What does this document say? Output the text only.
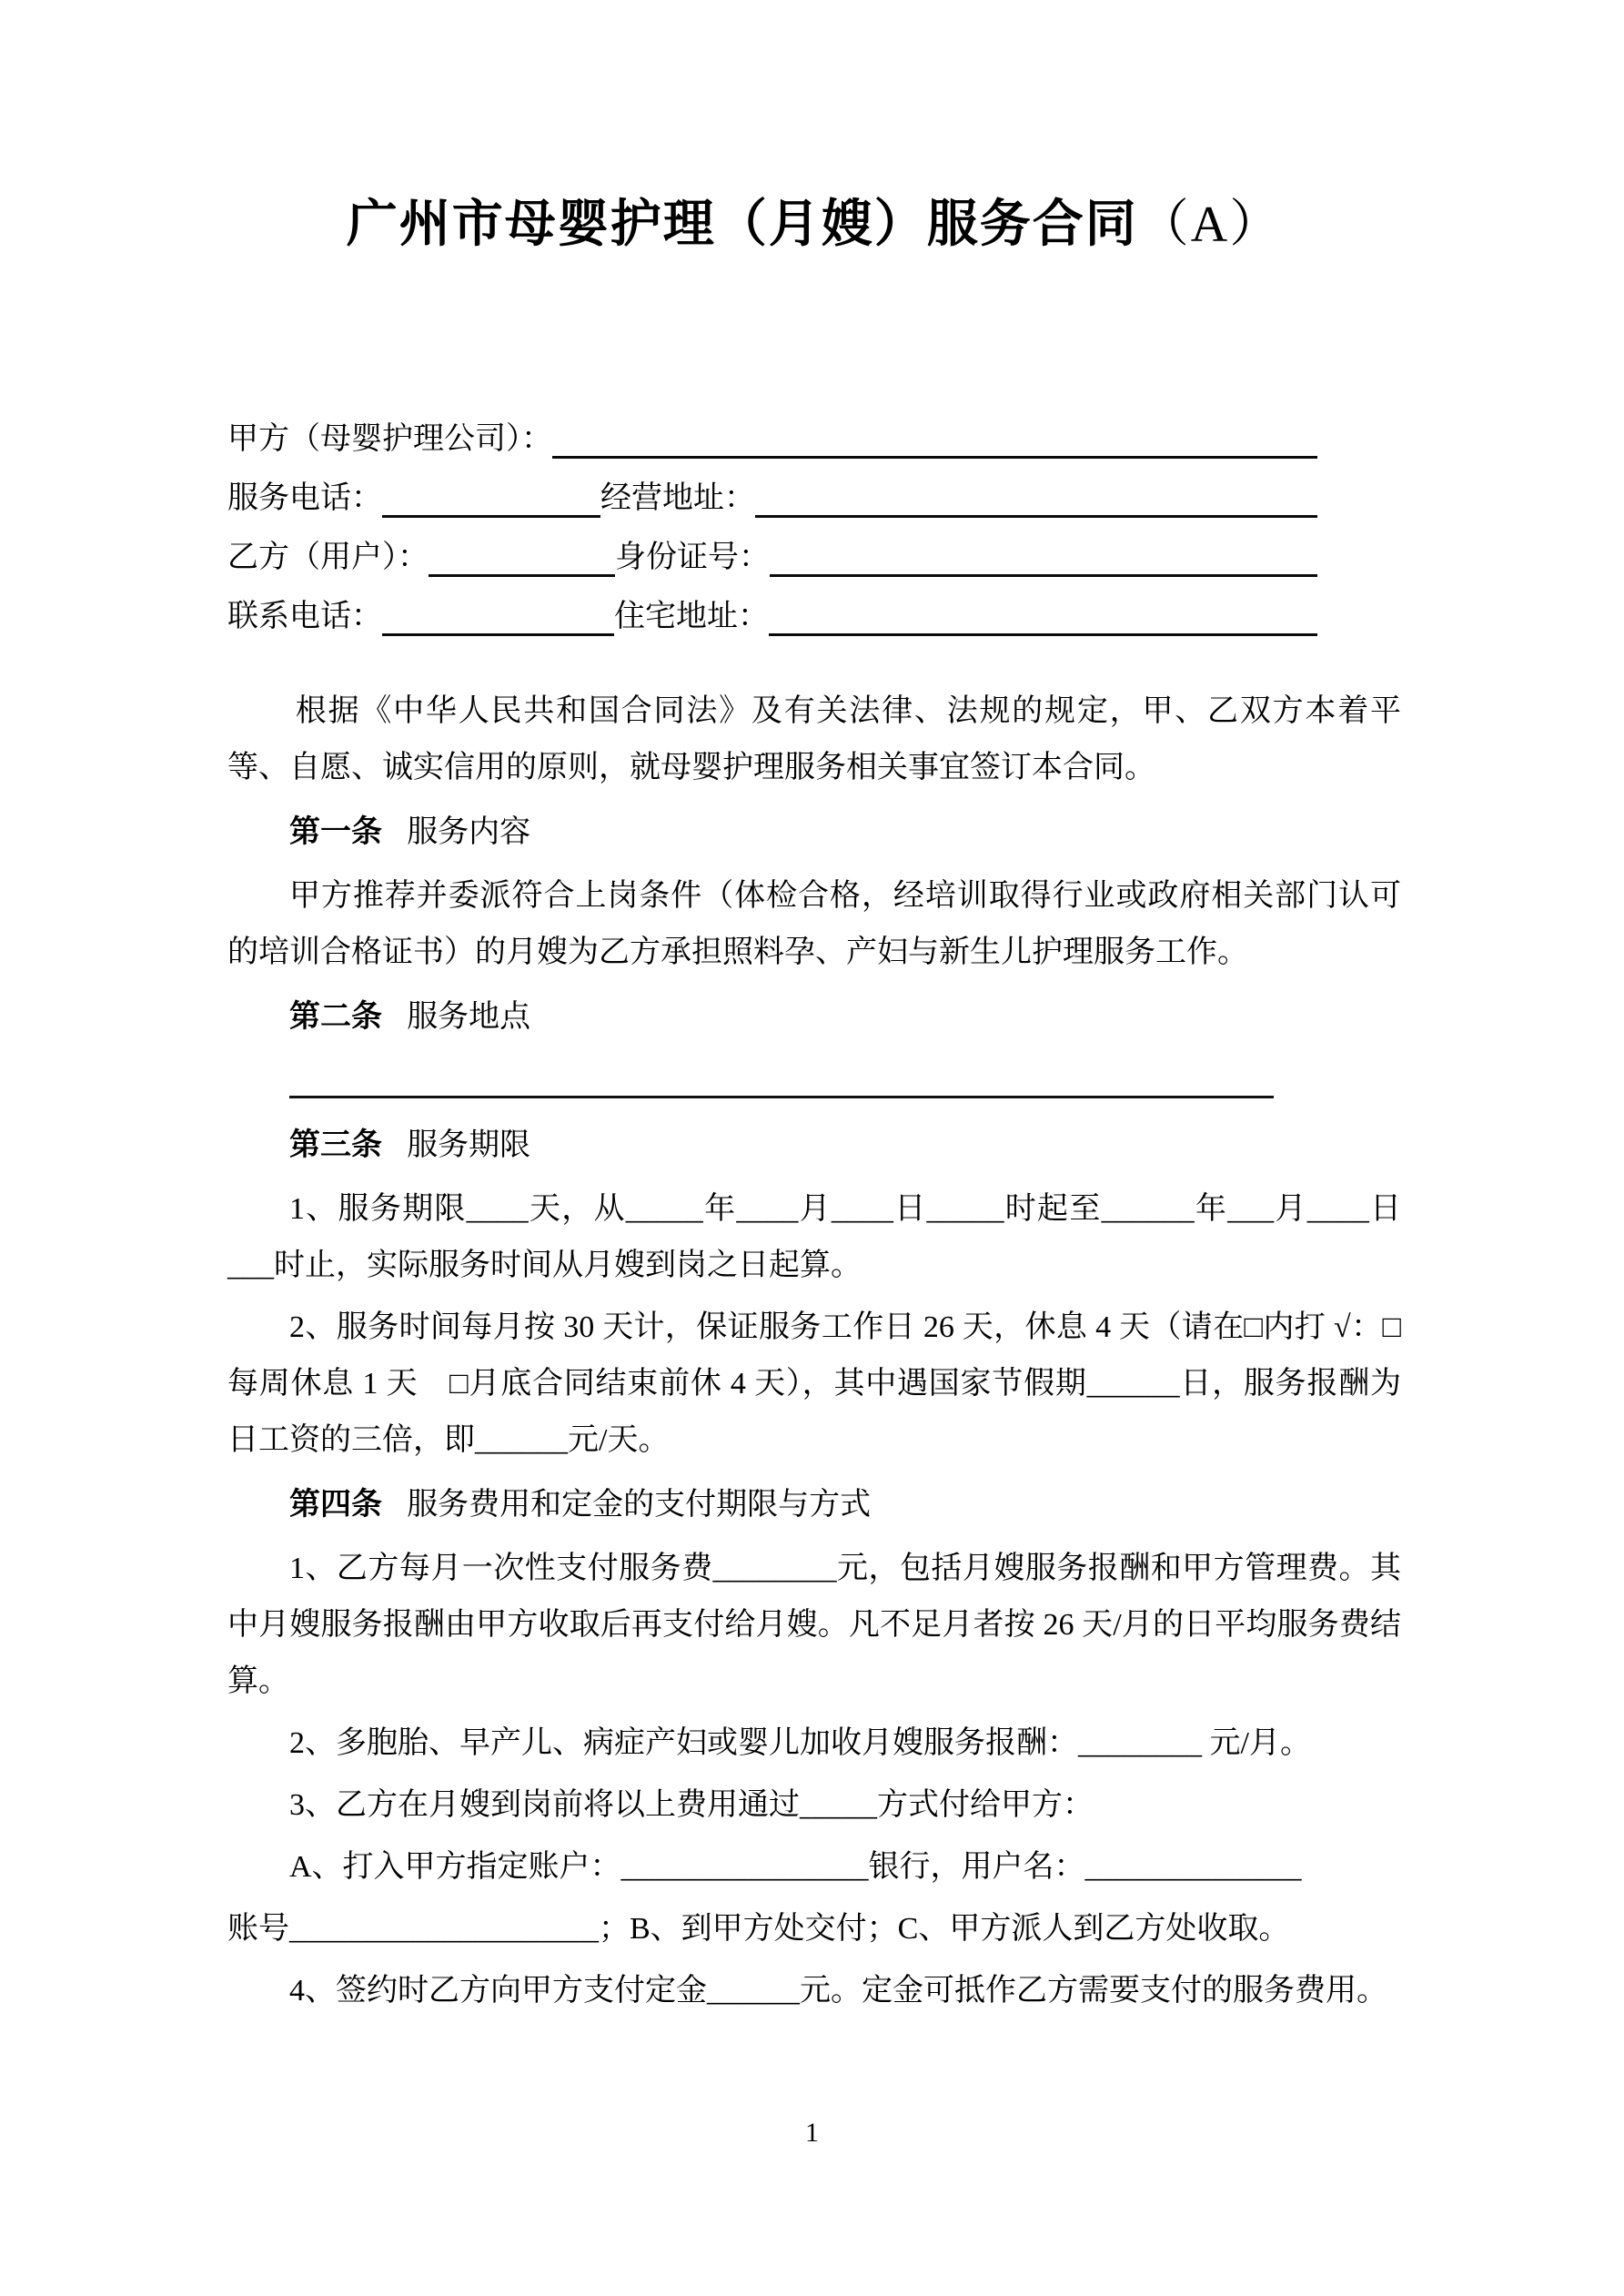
广州市母婴护理（月嫂）服务合同（A）
甲方（母婴护理公司）：
服务电话：	经营地址：
乙方（用户）：	身份证号：
联系电话：	住宅地址：

根据《中华人民共和国合同法》及有关法律、法规的规定，甲、乙双方本着平等、自愿、诚实信用的原则，就母婴护理服务相关事宜签订本合同。

第一条 服务内容

甲方推荐并委派符合上岗条件（体检合格，经培训取得行业或政府相关部门认可的培训合格证书）的月嫂为乙方承担照料孕、产妇与新生儿护理服务工作。

第二条 服务地点

第三条 服务期限

1、服务期限____天，从_____年____月____日_____时起至______年___月____日___时止，实际服务时间从月嫂到岗之日起算。

2、服务时间每月按 30 天计，保证服务工作日 26 天，休息 4 天（请在□内打 √：□每周休息 1 天　□月底合同结束前休 4 天），其中遇国家节假期______日，服务报酬为日工资的三倍，即______元/天。

第四条 服务费用和定金的支付期限与方式

1、乙方每月一次性支付服务费________元，包括月嫂服务报酬和甲方管理费。其中月嫂服务报酬由甲方收取后再支付给月嫂。凡不足月者按 26 天/月的日平均服务费结算。

2、多胞胎、早产儿、病症产妇或婴儿加收月嫂服务报酬：________ 元/月。

3、乙方在月嫂到岗前将以上费用通过_____方式付给甲方：

A、打入甲方指定账户：________________银行，用户名：______________

账号____________________；B、到甲方处交付；C、甲方派人到乙方处收取。

4、签约时乙方向甲方支付定金______元。定金可抵作乙方需要支付的服务费用。

1
